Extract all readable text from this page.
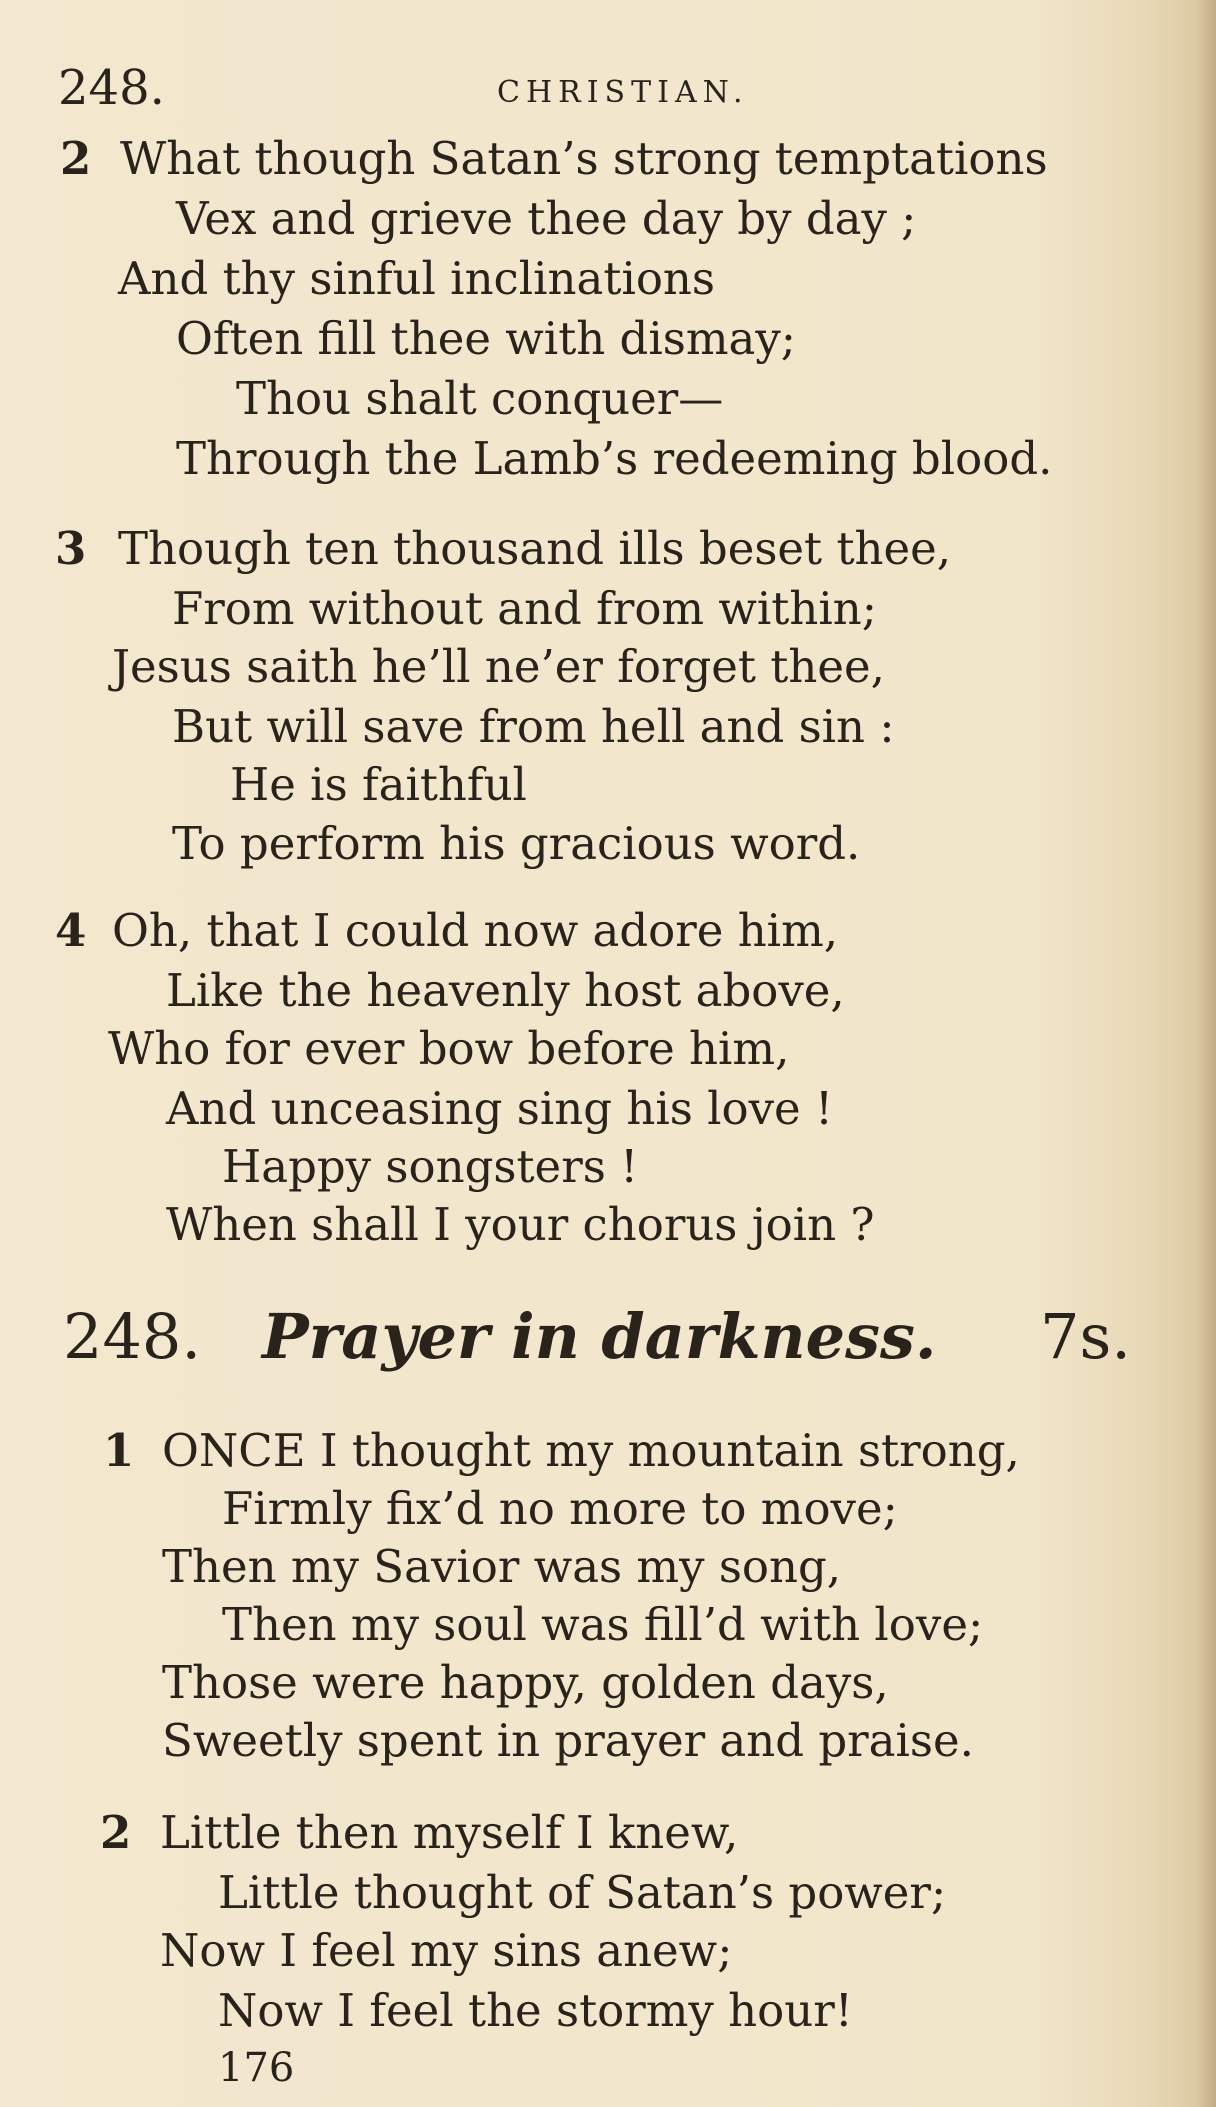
248.	CHRISTIAN.
2 What though Satan’s strong temptations
Vex and grieve thee day by day ;
And thy sinful inclinations
Often fill thee with dismay;
Thou shalt conquer—
Through the Lamb’s redeeming blood.
3 Though ten thousand ills beset thee,
From without and from within;
Jesus saith he’ll ne’er forget thee,
But will save from hell and sin :
He is faithful
To perform his gracious word.
4 Oh, that I could now adore him,
Like the heavenly host above,
Who for ever bow before him,
And unceasing sing his love !
Happy songsters !
When shall I your chorus join ?
248. Prayer in darkness. 7s.
1 ONCE I thought my mountain strong,
Firmly fix’d no more to move;
Then my Savior was my song,
Then my soul was fill’d with love;
Those were happy, golden days,
Sweetly spent in prayer and praise.
2 Little then myself I knew,
Little thought of Satan’s power;
Now I feel my sins anew;
Now I feel the stormy hour!
176
